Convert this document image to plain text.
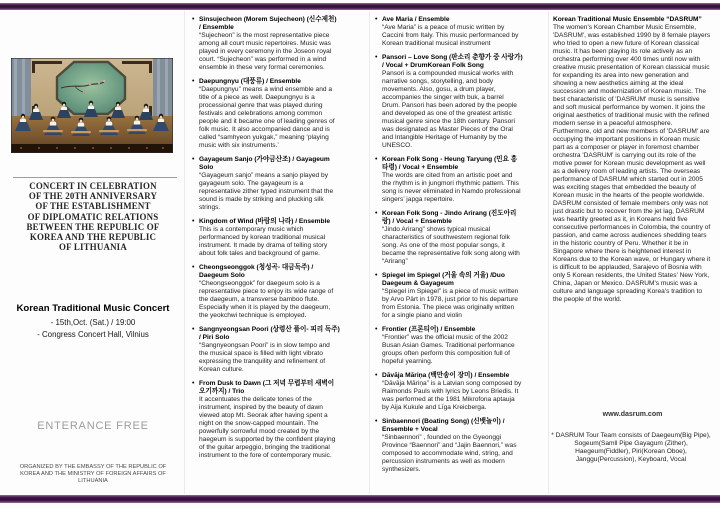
CONCERT IN CELEBRATION
OF THE 20TH ANNIVERSARY
OF THE ESTABLISHMENT
OF DIPLOMATIC RELATIONS
BETWEEN THE REPUBLIC OF
KOREA AND THE REPUBLIC
OF LITHUANIA
Korean Traditional Music Concert
- 15th,Oct. (Sat.) / 19:00
- Congress Concert Hall, Vilnius
ENTERANCE FREE
ORGANIZED BY THE EMBASSY OF THE REPUBLIC OF KOREA AND THE MINISTRY OF FOREIGN AFFAIRS OF LITHUANIA
• Sinsujecheon (Morem Sujecheon) (신수제천) / Ensemble
“Sujecheon” is the most representative piece among all court music repertoires. Music was played in every ceremony in the Joseon royal court. “Sujecheon” was performed in a wind ensemble in these very formal ceremonies.
• Daepungnyu (대풍류) / Ensemble
“Daepungnyu” means a wind ensemble and a title of a piece as well. Daepungnyu is a processional genre that was played during festivals and celebrations among common people and it became one of leading genres of folk music. It also accompanied dance and is called “samhyeon yukgak,” meaning ‘playing music with six instruments.’
• Gayageum Sanjo (가야금산조) / Gayageum Solo
“Gayageum sanjo” means a sanjo played by gayageum solo. The gayageum is a representative zither typed instrument that the sound is made by striking and plucking silk strings.
• Kingdom of Wind (바람의 나라) / Ensemble
This is a contemporary music which performanced by korean traditional musical instrument. It made by drama of telling story about folk tales and background of game.
• Cheongseonggok (청성곡- 대금독주) / Daegeum Solo
“Cheongseonggok” for daegeum solo is a representative piece to enjoy its wide range of the daegeum, a transverse bamboo flute. Especially when it is played by the daegeum, the yeokchwi technique is employed.
• Sangnyeongsan Poori (상령산 풀이- 피리 독주) / Piri Solo
“Sangnyeongsan Poori” is in slow tempo and the musical space is filled with light vibrato expressing the tranquility and refinement of Korean culture.
• From Dusk to Dawn (그 저녁 무렵부터 새벽이 오기까지) / Trio
It accentuates the delicate tones of the instrument, inspired by the beauty of dawn viewed atop Mt. Seorak after having spent a night on the snow-capped mountain. The powerfully sorrowful mood created by the haegeum is supported by the confident playing of the guitar arpeggio, bringing the traditional instrument to the fore of contemporary music.
• Ave Maria / Ensemble
“Ave Maria” is a peace of music written by Caccini from Italy. This music performanced by Korean traditional musical instrument
• Pansori – Love Song (판소리 춘향가 중 사랑가) / Vocal + DrumKorean Folk Song
Pansori is a compounded musical works with narrative songs, storytelling, and body movements. Also, gosu, a drum player, accompanies the singer with buk, a barrel Drum. Pansori has been adored by the people and developed as one of the greatest artistic musical genre since the 18th century. Pansori was designated as Master Pieces of the Oral and Intangible Heritage of Humanity by the UNESCO.
• Korean Folk Song - Heung Taryung (민요 흥타령) / Vocal + Ensemble
The words are cited from an artistic poet and the rhythm is in jungmori rhythmic pattern. This song is never eliminated in Namdo professional singers’ japga repertoire.
• Korean Folk Song - Jindo Arirang (진도아리랑) / Vocal + Ensemble
“Jindo Arirang” shows typical musical characteristics of southwestern regional folk song. As one of the most popular songs, it became the representative folk song along with “Arirang”
• Spiegel im Spiegel (거울 속의 거울) /Duo Daegeum & Gayageum
“Spiegel im Spiegel” is a piece of music written by Arvo Pärt in 1978, just prior to his departure from Estonia. The piece was originally written for a single piano and violin
• Frontier (프론티어) / Ensemble
“Frontier” was the official music of the 2002 Busan Asian Games. Traditional performance groups often perform this composition full of hopeful yearning.
• Dāvāja Māriņa (백만송이 장미) / Ensemble
“Dāvāja Māriņa” is a Latvian song composed by Raimonds Pauls with lyrics by Leons Briedis. It was performed at the 1981 Mikrofona aptauja by Aija Kukule and Līga Kreicberga.
• Sinbaennori (Boating Song) (신뱃놀이) / Ensemble + Vocal
“Sinbaennori” , founded on the Gyeonggi Province “Baennori” and “Jajin Baennori,” was composed to accommodate wind, string, and percussion instruments as well as modern synthesizers.
Korean Traditional Music Ensemble “DASRUM”
The women's Korean Chamber Music Ensemble, 'DASRUM', was established 1990 by 8 female players who tried to open a new future of Korean classical music. It has been playing its role actively as an orchestra performing over 400 times until now with creative music presentation of Korean classical music for expanding its area into new generation and showing a new aesthetics aiming at the ideal succession and modernization of Korean music. The best characteristic of 'DASRUM' music is sensitive and soft musical performance by women. It joins the original aesthetics of traditional music with the refined modern sense in a peaceful atmosphere. Furthermore, old and new members of 'DASRUM' are occupying the important positions in Korean music part as a composer or player in foremost chamber orchestra 'DASRUM' is carrying out its role of the motive power for Korean music development as well as a delivery room of leading artists. The overseas performance of DASRUM which started out in 2005 was exciting stages that embedded the beauty of Korean music in the hearts of the people worldwide. DASRUM consisted of female members only was not just drastic but to recover from the jet lag, DASRUM was heartily greeted as it, in Koreans held five consecutive performances in Colombia, the country of passion, and came across audiences shedding tears in the historic country of Peru. Whether it be in Singapore where there is heightened interest in Koreans due to the Korean wave, or Hungary where it is difficult to be applauded, Sarajevo of Bosnia with only 5 Korean residents, the United States' New York, China, Japan or Mexico. DASRUM's music was a culture and language spreading Korea's tradition to the people of the world.
www.dasrum.com
* DASRUM Tour Team consists of Daegeum(Big Pipe), Sogeum(Samll Pipe Gayagum (Zither), Haegeum(Fiddler), Piri(Korean Oboe), Janggu(Percussion), Keyboard, Vocal
